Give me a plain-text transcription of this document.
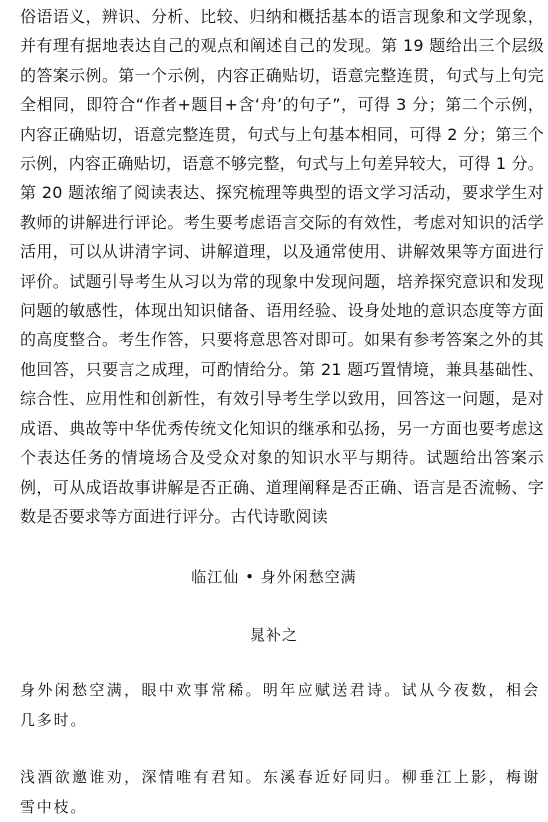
俗语语义，辨识、分析、比较、归纳和概括基本的语言现象和文学现象，并有理有据地表达自己的观点和阐述自己的发现。第 19 题给出三个层级的答案示例。第一个示例，内容正确贴切，语意完整连贯，句式与上句完全相同，即符合“作者+题目+含‘舟’的句子”，可得 3 分；第二个示例，内容正确贴切，语意完整连贯，句式与上句基本相同，可得 2 分；第三个示例，内容正确贴切，语意不够完整，句式与上句差异较大，可得 1 分。第 20 题浓缩了阅读表达、探究梳理等典型的语文学习活动，要求学生对教师的讲解进行评论。考生要考虑语言交际的有效性，考虑对知识的活学活用，可以从讲清字词、讲解道理，以及通常使用、讲解效果等方面进行评价。试题引导考生从习以为常的现象中发现问题，培养探究意识和发现问题的敏感性，体现出知识储备、语用经验、设身处地的意识态度等方面的高度整合。考生作答，只要将意思答对即可。如果有参考答案之外的其他回答，只要言之成理，可酌情给分。第 21 题巧置情境，兼具基础性、综合性、应用性和创新性，有效引导考生学以致用，回答这一问题，是对成语、典故等中华优秀传统文化知识的继承和弘扬，另一方面也要考虑这个表达任务的情境场合及受众对象的知识水平与期待。试题给出答案示例，可从成语故事讲解是否正确、道理阐释是否正确、语言是否流畅、字数是否要求等方面进行评分。古代诗歌阅读

临江仙 • 身外闲愁空满

晁补之

身外闲愁空满，眼中欢事常稀。明年应赋送君诗。试从今夜数，相会几多时。

浅酒欲邀谁劝，深情唯有君知。东溪春近好同归。柳垂江上影，梅谢雪中枝。
